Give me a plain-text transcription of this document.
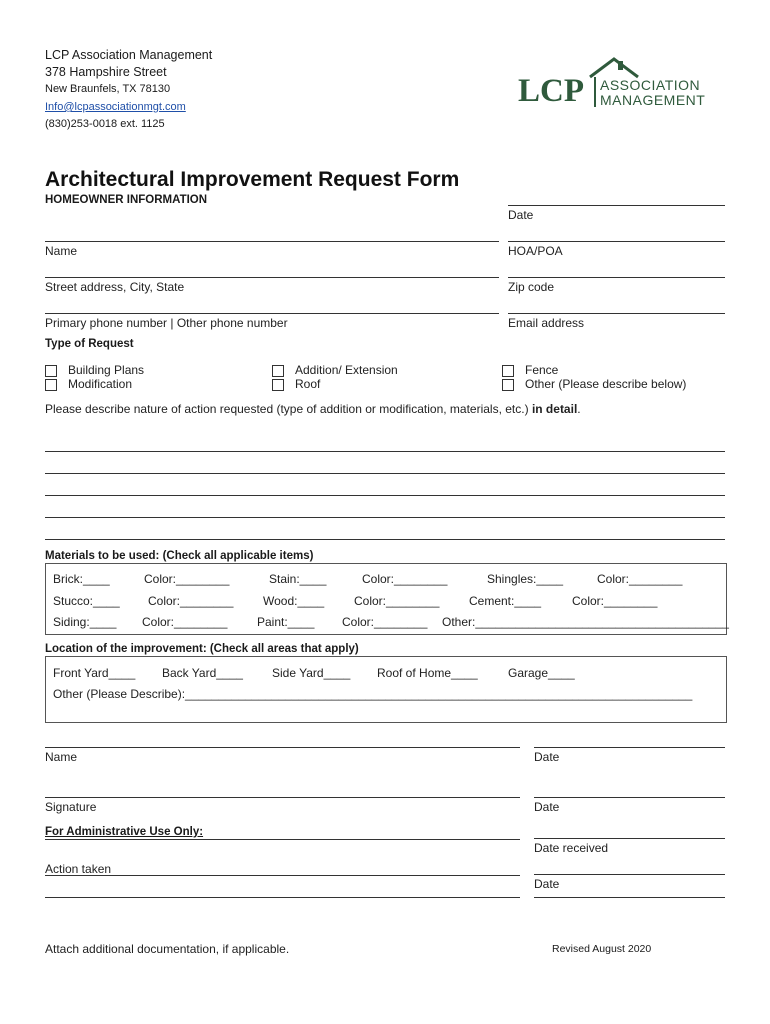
LCP Association Management
378 Hampshire Street
New Braunfels, TX 78130
Info@lcpassociationmgt.com
(830)253-0018 ext. 1125
LCP ASSOCIATION
MANAGEMENT
Architectural Improvement Request Form
HOMEOWNER INFORMATION
Date
Name	HOA/POA
Street address, City, State	Zip code
Primary phone number | Other phone number	Email address
Type of Request
Building Plans
Modification
Addition/ Extension
Roof
Fence
Other (Please describe below)
Please describe nature of action requested (type of addition or modification, materials, etc.) in detail.
Materials to be used: (Check all applicable items)
Brick:____	Color:________	Stain:____	Color:________	Shingles:____	Color:________
Stucco:____ Color:________ Wood:____ Color:________ Cement:____	Color:________
Siding:____ Color:________ Paint:____ Color:________ Other:______________________________________
Location of the improvement: (Check all areas that apply)
Front Yard____ Back Yard____ Side Yard____ Roof of Home____	Garage____
Other (Please Describe):____________________________________________________________________________
Name	Date
Signature	Date
For Administrative Use Only:
Date received
Action taken
Date
Attach additional documentation, if applicable.	Revised August 2020
